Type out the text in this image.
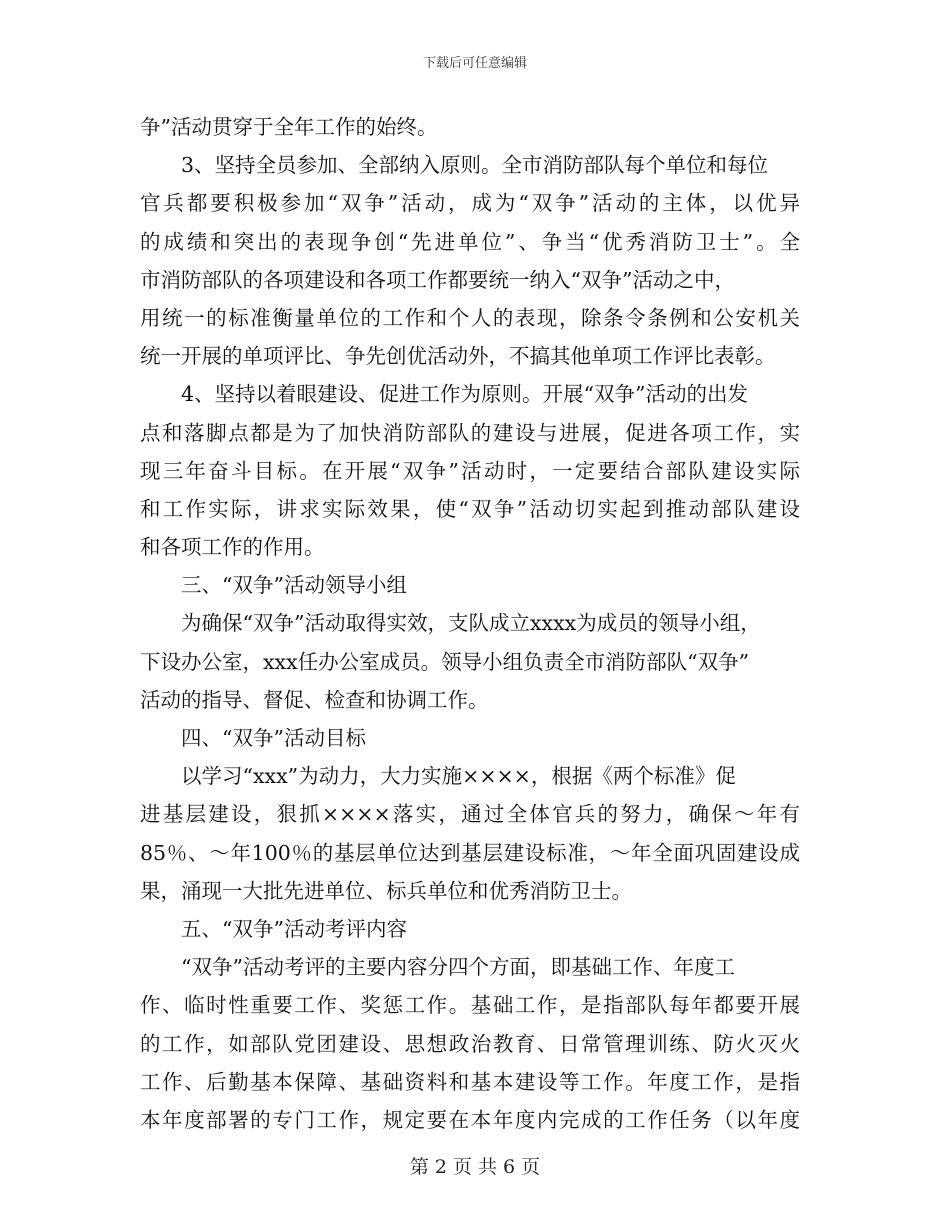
下载后可任意编辑
争”活动贯穿于全年工作的始终。
3、坚持全员参加、全部纳入原则。全市消防部队每个单位和每位
官兵都要积极参加“双争”活动，成为“双争”活动的主体，以优异
的成绩和突出的表现争创“先进单位”、争当“优秀消防卫士”。全
市消防部队的各项建设和各项工作都要统一纳入“双争”活动之中，
用统一的标准衡量单位的工作和个人的表现，除条令条例和公安机关
统一开展的单项评比、争先创优活动外，不搞其他单项工作评比表彰。
4、坚持以着眼建设、促进工作为原则。开展“双争”活动的出发
点和落脚点都是为了加快消防部队的建设与进展，促进各项工作，实
现三年奋斗目标。在开展“双争”活动时，一定要结合部队建设实际
和工作实际，讲求实际效果，使“双争”活动切实起到推动部队建设
和各项工作的作用。
三、“双争”活动领导小组
为确保“双争”活动取得实效，支队成立xxxx为成员的领导小组，
下设办公室，xxx任办公室成员。领导小组负责全市消防部队“双争”
活动的指导、督促、检查和协调工作。
四、“双争”活动目标
以学习“xxx”为动力，大力实施××××，根据《两个标准》促
进基层建设，狠抓××××落实，通过全体官兵的努力，确保～年有
85％、～年100％的基层单位达到基层建设标准，～年全面巩固建设成
果，涌现一大批先进单位、标兵单位和优秀消防卫士。
五、“双争”活动考评内容
“双争”活动考评的主要内容分四个方面，即基础工作、年度工
作、临时性重要工作、奖惩工作。基础工作，是指部队每年都要开展
的工作，如部队党团建设、思想政治教育、日常管理训练、防火灭火
工作、后勤基本保障、基础资料和基本建设等工作。年度工作，是指
本年度部署的专门工作，规定要在本年度内完成的工作任务（以年度
第 2 页 共 6 页
